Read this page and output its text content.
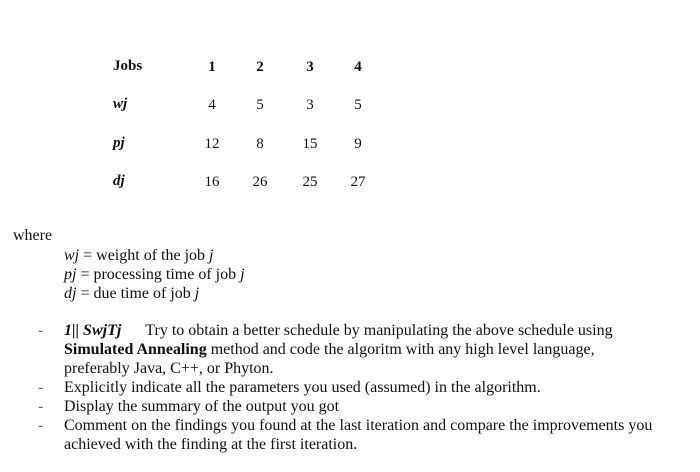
Jobs	1	2	3	4
wj	4	5	3	5
pj	12	8	15	9
dj	16	26	25	27
where
wj = weight of the job j
pj = processing time of job j
dj = due time of job j
- 1|| SwjTj Try to obtain a better schedule by manipulating the above schedule using Simulated Annealing method and code the algoritm with any high level language, preferably Java, C++, or Phyton.
- Explicitly indicate all the parameters you used (assumed) in the algorithm.
- Display the summary of the output you got
- Comment on the findings you found at the last iteration and compare the improvements you achieved with the finding at the first iteration.
